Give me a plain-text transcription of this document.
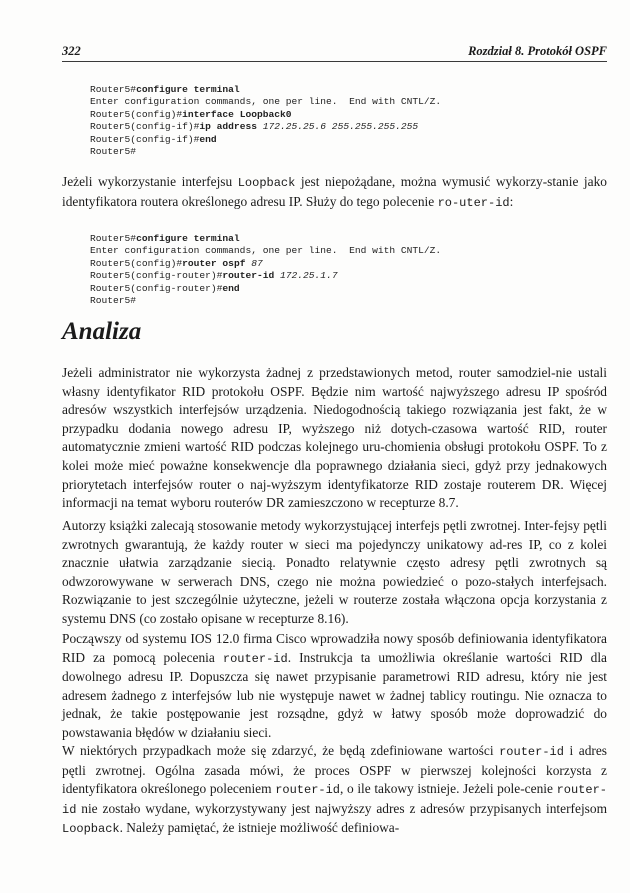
322	Rozdział 8. Protokół OSPF
Router5#configure terminal
Enter configuration commands, one per line.  End with CNTL/Z.
Router5(config)#interface Loopback0
Router5(config-if)#ip address 172.25.25.6 255.255.255.255
Router5(config-if)#end
Router5#
Jeżeli wykorzystanie interfejsu Loopback jest niepożądane, można wymusić wykorzy-stanie jako identyfikatora routera określonego adresu IP. Służy do tego polecenie ro-uter-id:
Router5#configure terminal
Enter configuration commands, one per line.  End with CNTL/Z.
Router5(config)#router ospf 87
Router5(config-router)#router-id 172.25.1.7
Router5(config-router)#end
Router5#
Analiza
Jeżeli administrator nie wykorzysta żadnej z przedstawionych metod, router samodziel-nie ustali własny identyfikator RID protokołu OSPF. Będzie nim wartość najwyższego adresu IP spośród adresów wszystkich interfejsów urządzenia. Niedogodnością takiego rozwiązania jest fakt, że w przypadku dodania nowego adresu IP, wyższego niż dotych-czasowa wartość RID, router automatycznie zmieni wartość RID podczas kolejnego uru-chomienia obsługi protokołu OSPF. To z kolei może mieć poważne konsekwencje dla poprawnego działania sieci, gdyż przy jednakowych priorytetach interfejsów router o naj-wyższym identyfikatorze RID zostaje routerem DR. Więcej informacji na temat wyboru routerów DR zamieszczono w recepturze 8.7.
Autorzy książki zalecają stosowanie metody wykorzystującej interfejs pętli zwrotnej. Inter-fejsy pętli zwrotnych gwarantują, że każdy router w sieci ma pojedynczy unikatowy ad-res IP, co z kolei znacznie ułatwia zarządzanie siecią. Ponadto relatywnie często adresy pętli zwrotnych są odwzorowywane w serwerach DNS, czego nie można powiedzieć o pozo-stałych interfejsach. Rozwiązanie to jest szczególnie użyteczne, jeżeli w routerze została włączona opcja korzystania z systemu DNS (co zostało opisane w recepturze 8.16).
Począwszy od systemu IOS 12.0 firma Cisco wprowadziła nowy sposób definiowania identyfikatora RID za pomocą polecenia router-id. Instrukcja ta umożliwia określanie wartości RID dla dowolnego adresu IP. Dopuszcza się nawet przypisanie parametrowi RID adresu, który nie jest adresem żadnego z interfejsów lub nie występuje nawet w żadnej tablicy routingu. Nie oznacza to jednak, że takie postępowanie jest rozsądne, gdyż w łatwy sposób może doprowadzić do powstawania błędów w działaniu sieci.
W niektórych przypadkach może się zdarzyć, że będą zdefiniowane wartości router-id i adres pętli zwrotnej. Ogólna zasada mówi, że proces OSPF w pierwszej kolejności korzysta z identyfikatora określonego poleceniem router-id, o ile takowy istnieje. Jeżeli pole-cenie router-id nie zostało wydane, wykorzystywany jest najwyższy adres z adresów przypisanych interfejsom Loopback. Należy pamiętać, że istnieje możliwość definiowa-
